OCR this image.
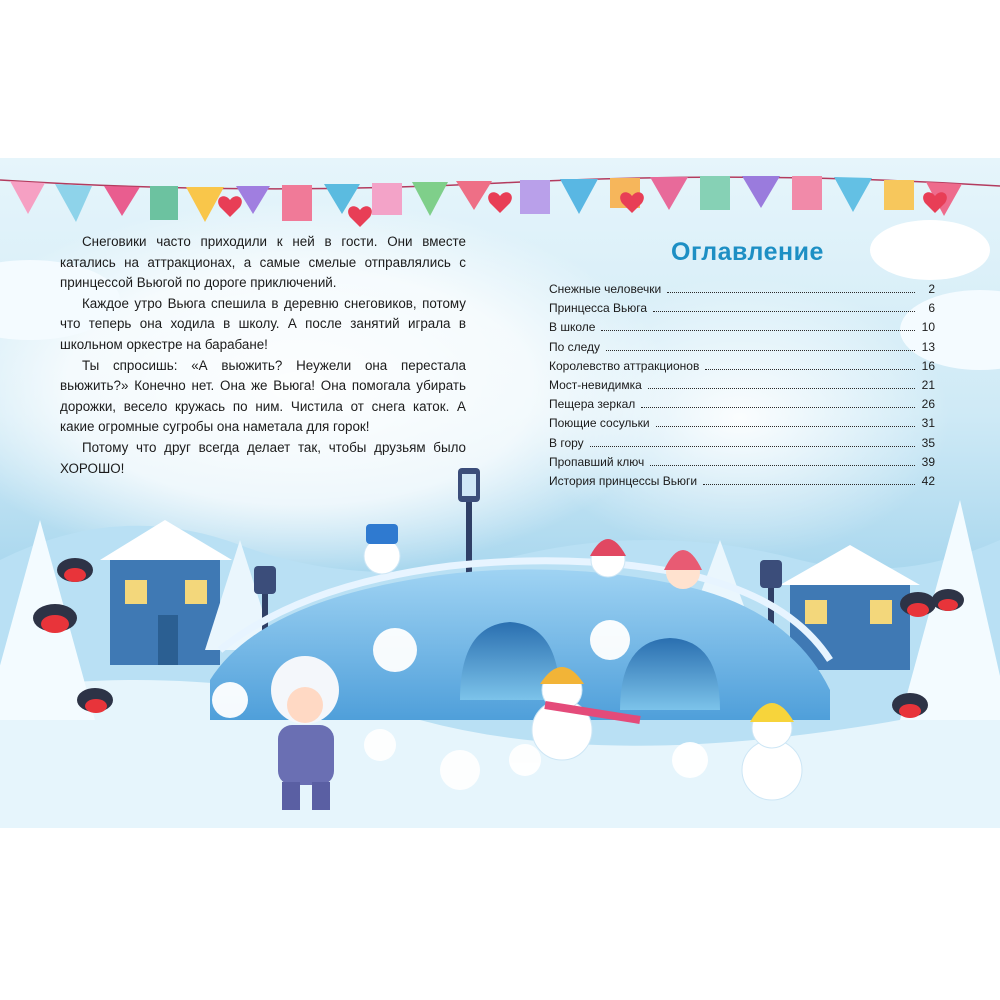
Снеговики часто приходили к ней в гости. Они вместе катались на аттракционах, а самые смелые отправлялись с принцессой Вьюгой по дороге приключений.

Каждое утро Вьюга спешила в деревню снеговиков, потому что теперь она ходила в школу. А после занятий играла в школьном оркестре на барабане!

Ты спросишь: «А вьюжить? Неужели она перестала вьюжить?» Конечно нет. Она же Вьюга! Она помогала убирать дорожки, весело кружась по ним. Чистила от снега каток. А какие огромные сугробы она наметала для горок!

Потому что друг всегда делает так, чтобы друзьям было ХОРОШО!

Оглавление
Снежные человечки	2
Принцесса Вьюга	6
В школе	10
По следу	13
Королевство аттракционов	16
Мост-невидимка	21
Пещера зеркал	26
Поющие сосульки	31
В гору	35
Пропавший ключ	39
История принцессы Вьюги	42
